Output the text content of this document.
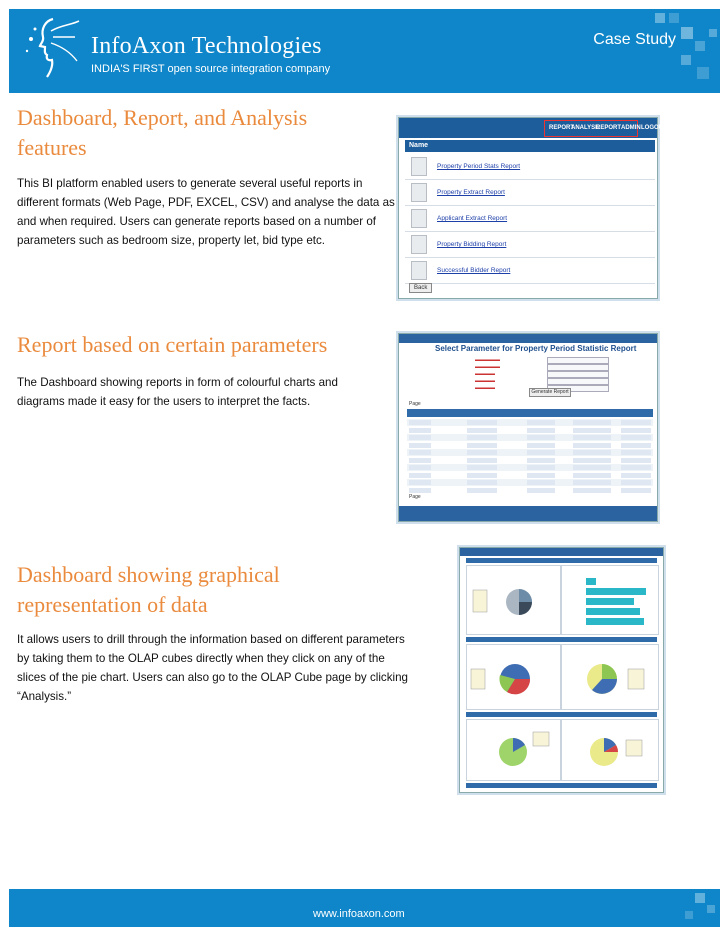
InfoAxon Technologies
INDIA'S FIRST open source integration company
Case Study
Dashboard, Report, and Analysis features

This BI platform enabled users to generate several useful reports in different formats (Web Page, PDF, EXCEL, CSV) and analyse the data as and when required. Users can generate reports based on a number of parameters such as bedroom size, property let, bid type etc.

REPORT
ANALYSE
REPORT ADMIN LOGOUT
Name
Property Period Stats Report
Property Extract Report
Applicant Extract Report
Property Bidding Report
Successful Bidder Report
Back
Report based on certain parameters

The Dashboard showing reports in form of colourful charts and diagrams made it easy for the users to interpret the facts.

Select Parameter for Property Period Statistic Report
▬▬▬▬▬
▬▬▬▬▬
▬▬▬▬
▬▬▬▬
▬▬▬▬
Generate Report
Page
Page
Dashboard showing graphical representation of data

It allows users to drill through the information based on different parameters by taking them to the OLAP cubes directly when they click on any of the slices of the pie chart. Users can also go to the OLAP Cube page by clicking “Analysis.”

www.infoaxon.com
